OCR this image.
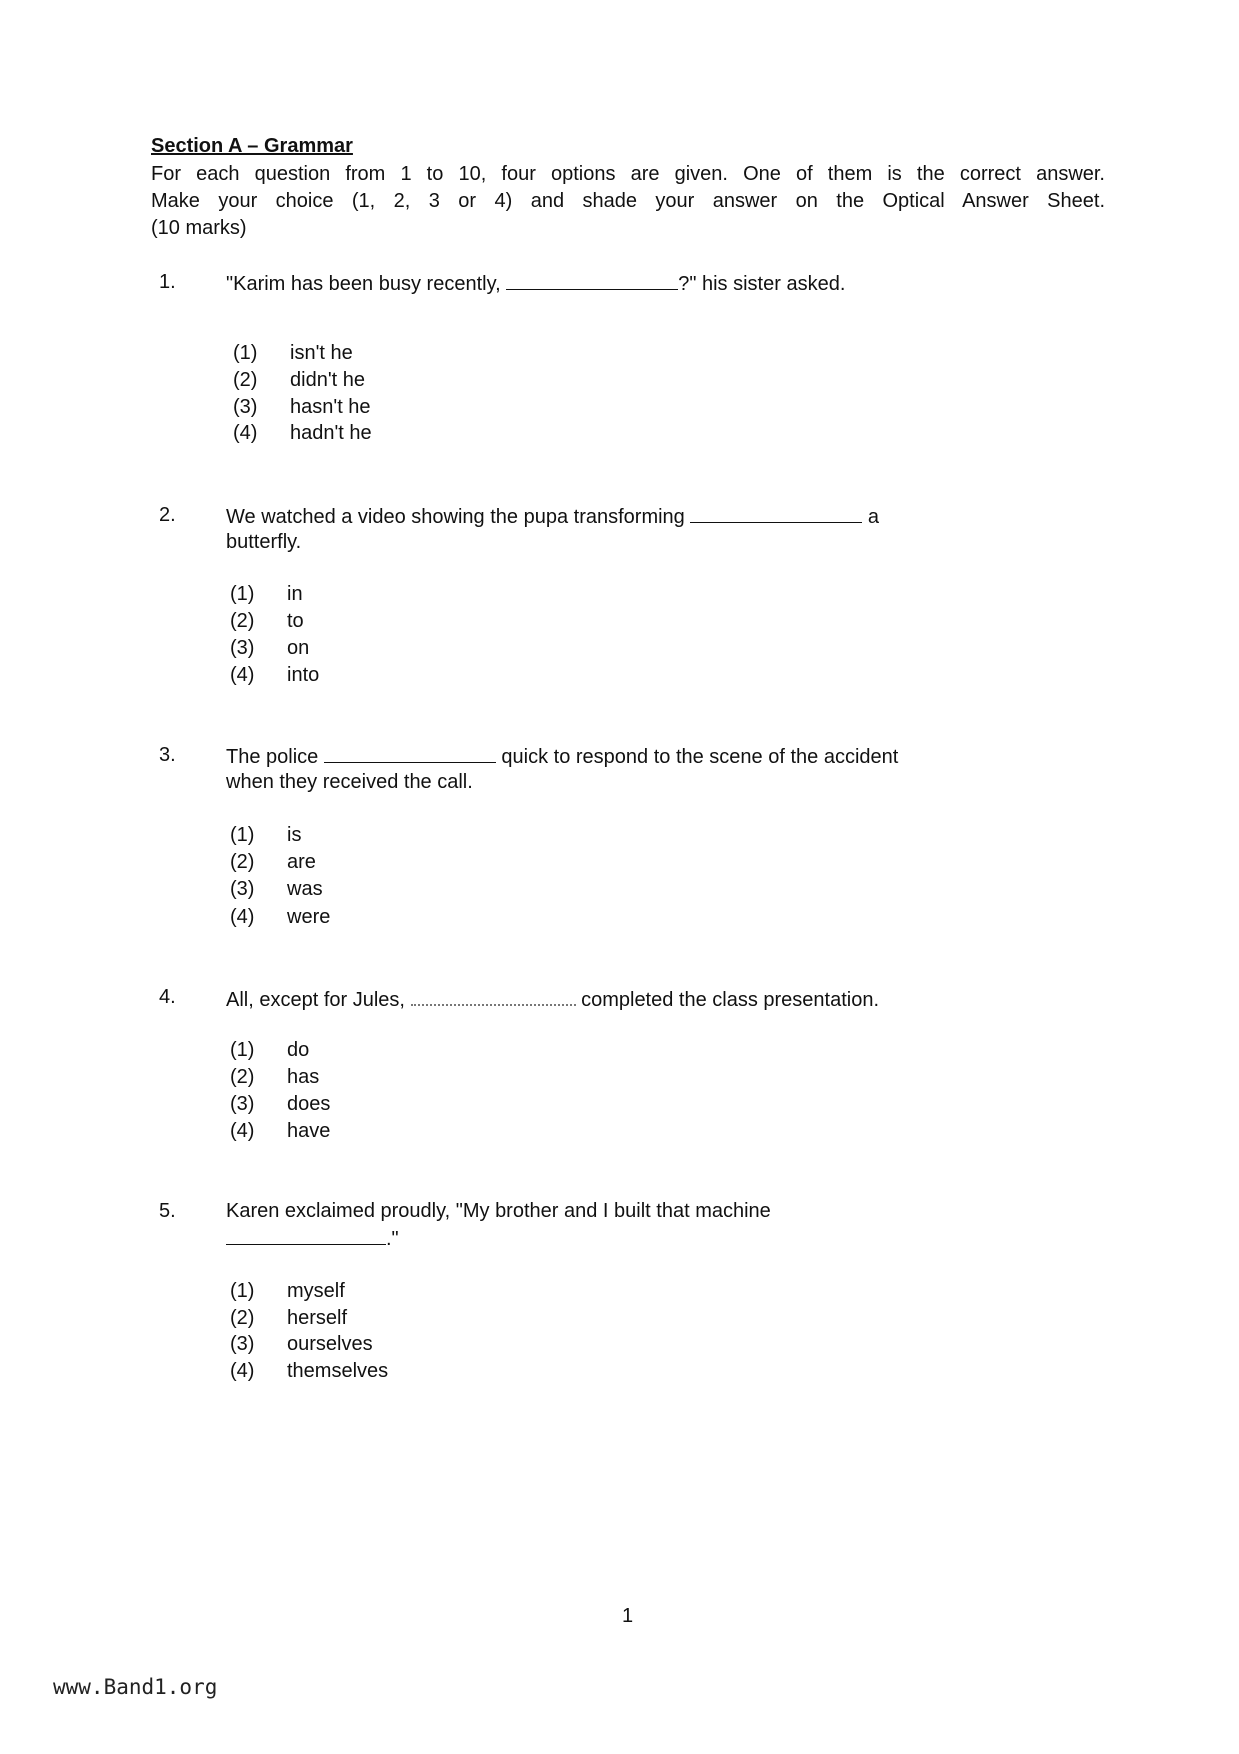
Section A – Grammar
For each question from 1 to 10, four options are given. One of them is the correct answer.
Make your choice (1, 2, 3 or 4) and shade your answer on the Optical Answer Sheet.
(10 marks)
1.	"Karim has been busy recently,	?" his sister asked.
(1) isn't he
(2) didn't he
(3) hasn't he
(4) hadn't he
2.	We watched a video showing the pupa transforming	a
butterfly.
(1) in
(2) to
(3) on
(4) into
3.	The police	quick to respond to the scene of the accident
when they received the call.
(1) is
(2) are
(3) was
(4) were
4.	All, except for Jules,	completed the class presentation.
(1) do
(2) has
(3) does
(4) have
5.	Karen exclaimed proudly, "My brother and I built that machine
."
(1) myself
(2) herself
(3) ourselves
(4) themselves
1
www.Band1.org
